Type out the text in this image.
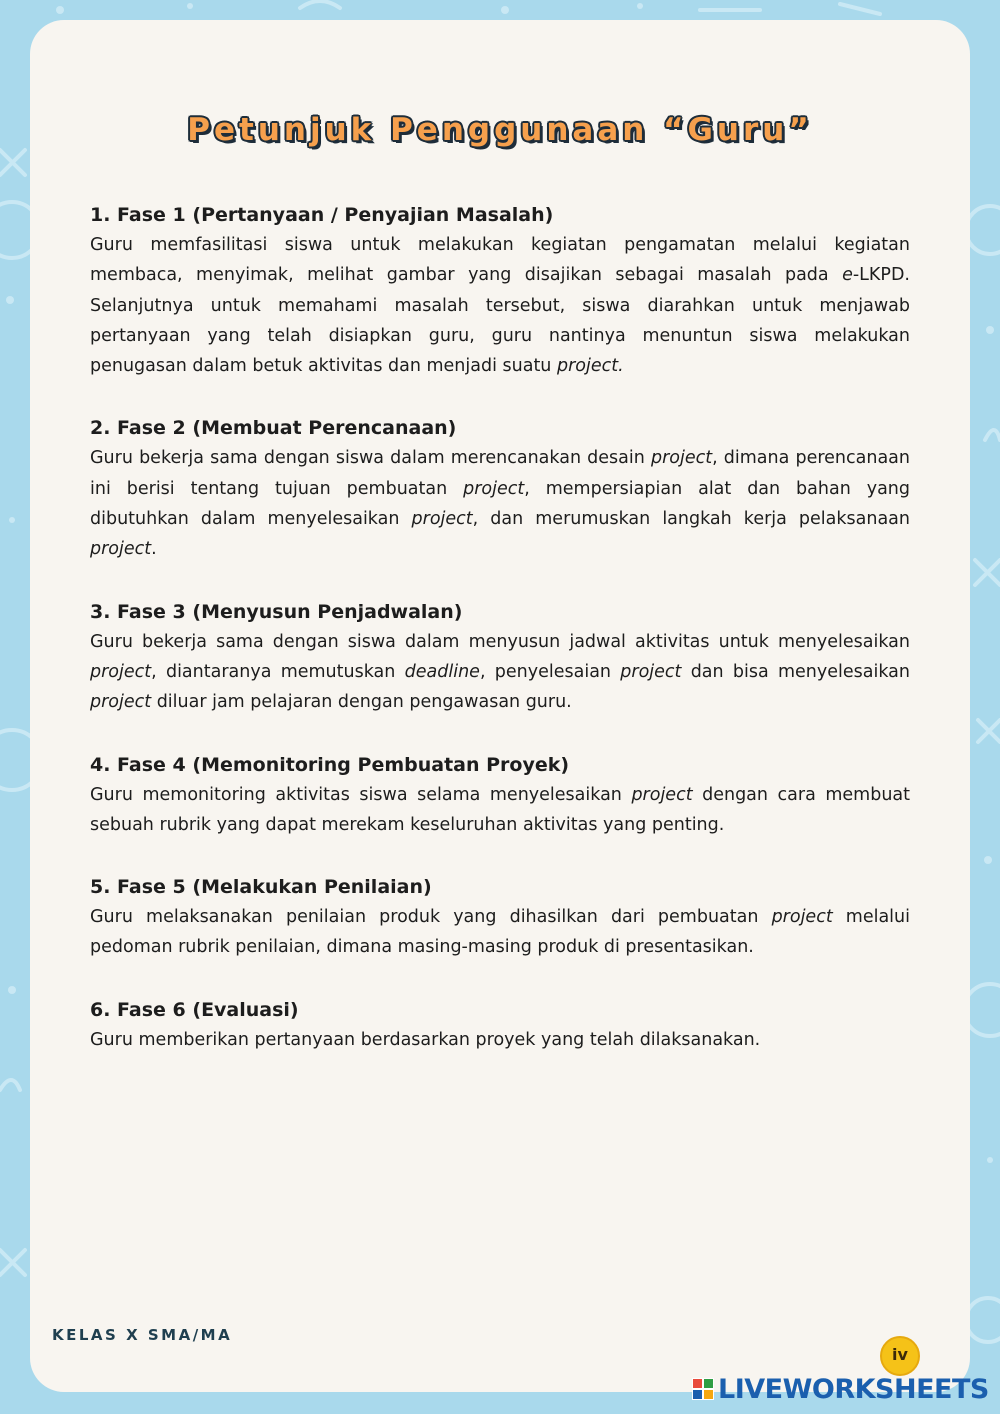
Petunjuk Penggunaan “Guru”
1. Fase 1 (Pertanyaan / Penyajian Masalah)
Guru memfasilitasi siswa untuk melakukan kegiatan pengamatan melalui kegiatan membaca, menyimak, melihat gambar yang disajikan sebagai masalah pada e-LKPD. Selanjutnya untuk memahami masalah tersebut, siswa diarahkan untuk menjawab pertanyaan yang telah disiapkan guru, guru nantinya menuntun siswa melakukan penugasan dalam betuk aktivitas dan menjadi suatu project.
2. Fase 2 (Membuat Perencanaan)
Guru bekerja sama dengan siswa dalam merencanakan desain project, dimana perencanaan ini berisi tentang tujuan pembuatan project, mempersiapian alat dan bahan yang dibutuhkan dalam menyelesaikan project, dan merumuskan langkah kerja pelaksanaan project.
3. Fase 3 (Menyusun Penjadwalan)
Guru bekerja sama dengan siswa dalam menyusun jadwal aktivitas untuk menyelesaikan project, diantaranya memutuskan deadline, penyelesaian project dan bisa menyelesaikan project diluar jam pelajaran dengan pengawasan guru.
4. Fase 4 (Memonitoring Pembuatan Proyek)
Guru memonitoring aktivitas siswa selama menyelesaikan project dengan cara membuat sebuah rubrik yang dapat merekam keseluruhan aktivitas yang penting.
5. Fase 5 (Melakukan Penilaian)
Guru melaksanakan penilaian produk yang dihasilkan dari pembuatan project melalui pedoman rubrik penilaian, dimana masing-masing produk di presentasikan.
6. Fase 6 (Evaluasi)
Guru memberikan pertanyaan berdasarkan proyek yang telah dilaksanakan.
KELAS X SMA/MA
iv
LIVEWORKSHEETS
